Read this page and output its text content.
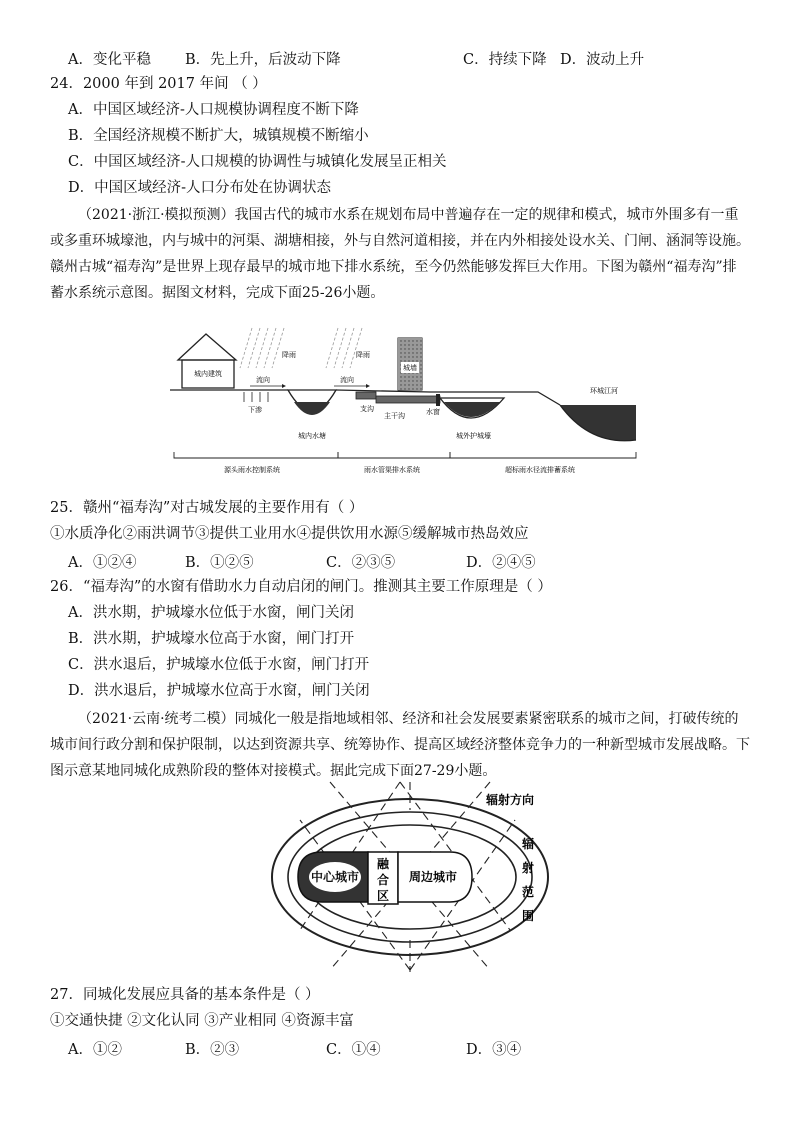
A．变化平稳 B．先上升，后波动下降	C．持续下降 D．波动上升
24．2000 年到 2017 年间 （ ）
A．中国区域经济-人口规模协调程度不断下降
B．全国经济规模不断扩大，城镇规模不断缩小
C．中国区域经济-人口规模的协调性与城镇化发展呈正相关
D．中国区域经济-人口分布处在协调状态
（2021·浙江·模拟预测）我国古代的城市水系在规划布局中普遍存在一定的规律和模式，城市外围多有一重或多重环城壕池，内与城中的河渠、湖塘相接，外与自然河道相接，并在内外相接处设水关、门闸、涵洞等设施。赣州古城“福寿沟”是世界上现存最早的城市地下排水系统，至今仍然能够发挥巨大作用。下图为赣州“福寿沟”排蓄水系统示意图。据图文材料，完成下面25-26小题。
城内建筑
降雨	降雨
城墙
流向	流向
下渗
城内水塘
支沟
主干沟	水窗
城外护城壕
环城江河
源头雨水控制系统	雨水管渠排水系统	超标雨水径流排蓄系统
25．赣州“福寿沟”对古城发展的主要作用有（ ）
①水质净化②雨洪调节③提供工业用水④提供饮用水源⑤缓解城市热岛效应
A．①②④	B．①②⑤	C．②③⑤	D．②④⑤
26．“福寿沟”的水窗有借助水力自动启闭的闸门。推测其主要工作原理是（ ）
A．洪水期，护城壕水位低于水窗，闸门关闭
B．洪水期，护城壕水位高于水窗，闸门打开
C．洪水退后，护城壕水位低于水窗，闸门打开
D．洪水退后，护城壕水位高于水窗，闸门关闭
（2021·云南·统考二模）同城化一般是指地域相邻、经济和社会发展要素紧密联系的城市之间，打破传统的城市间行政分割和保护限制，以达到资源共享、统筹协作、提高区域经济整体竞争力的一种新型城市发展战略。下图示意某地同城化成熟阶段的整体对接模式。据此完成下面27-29小题。
中心城市
融
合
区
周边城市
辐射方向
辐
射
范
围
27．同城化发展应具备的基本条件是（ ）
①交通快捷 ②文化认同 ③产业相同 ④资源丰富
A．①②	B．②③	C．①④	D．③④
